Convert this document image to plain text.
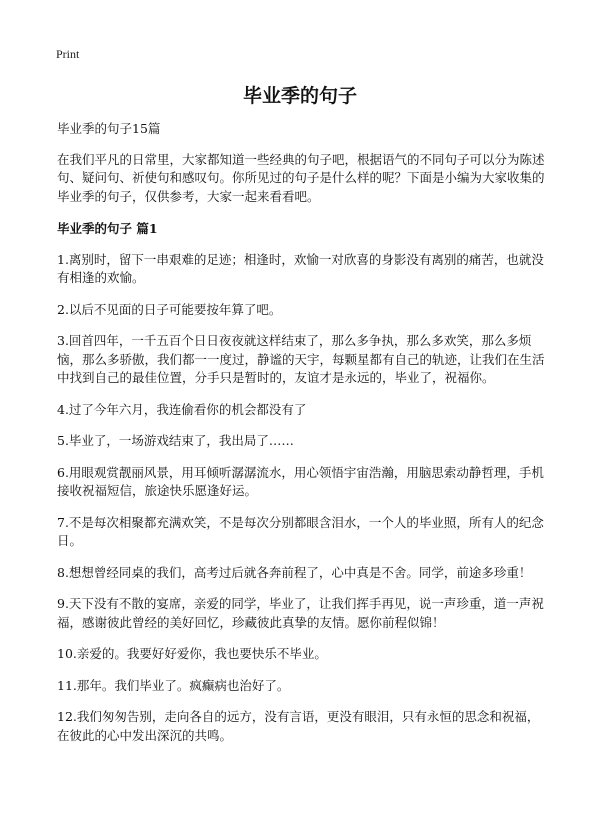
Print
毕业季的句子

毕业季的句子15篇

在我们平凡的日常里，大家都知道一些经典的句子吧，根据语气的不同句子可以分为陈述句、疑问句、祈使句和感叹句。你所见过的句子是什么样的呢？下面是小编为大家收集的毕业季的句子，仅供参考，大家一起来看看吧。

毕业季的句子 篇1

1.离别时，留下一串艰难的足迹；相逢时，欢愉一对欣喜的身影没有离别的痛苦，也就没有相逢的欢愉。

2.以后不见面的日子可能要按年算了吧。

3.回首四年，一千五百个日日夜夜就这样结束了，那么多争执，那么多欢笑，那么多烦恼，那么多骄傲，我们都一一度过，静谧的天宇，每颗星都有自己的轨迹，让我们在生活中找到自己的最佳位置，分手只是暂时的，友谊才是永远的，毕业了，祝福你。

4.过了今年六月，我连偷看你的机会都没有了

5.毕业了，一场游戏结束了，我出局了……

6.用眼观赏靓丽风景，用耳倾听潺潺流水，用心领悟宇宙浩瀚，用脑思索动静哲理，手机接收祝福短信，旅途快乐愿逢好运。

7.不是每次相聚都充满欢笑，不是每次分别都眼含泪水，一个人的毕业照，所有人的纪念日。

8.想想曾经同桌的我们，高考过后就各奔前程了，心中真是不舍。同学，前途多珍重！

9.天下没有不散的宴席，亲爱的同学，毕业了，让我们挥手再见，说一声珍重，道一声祝福，感谢彼此曾经的美好回忆，珍藏彼此真挚的友情。愿你前程似锦！

10.亲爱的。我要好好爱你，我也要快乐不毕业。

11.那年。我们毕业了。疯癫病也治好了。

12.我们匆匆告别，走向各自的远方，没有言语，更没有眼泪，只有永恒的思念和祝福，在彼此的心中发出深沉的共鸣。
